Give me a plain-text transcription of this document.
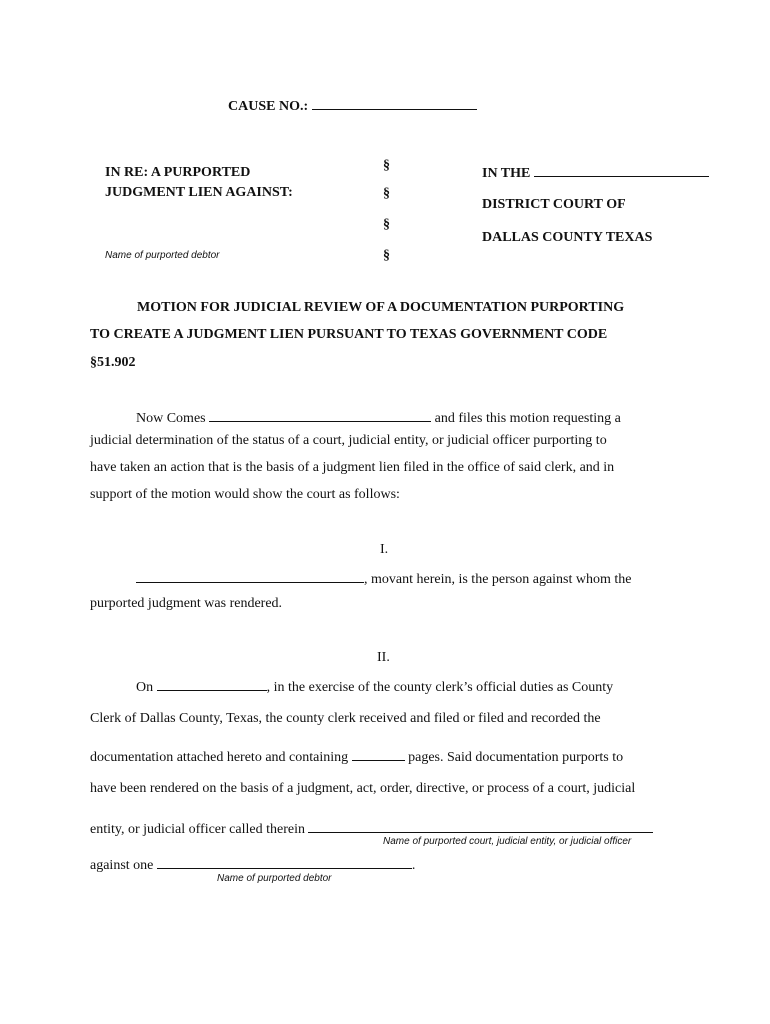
CAUSE NO.:
IN RE: A PURPORTED
JUDGMENT LIEN AGAINST:
Name of purported debtor
§
§
§
§
IN THE
DISTRICT COURT OF
DALLAS COUNTY TEXAS
MOTION FOR JUDICIAL REVIEW OF A DOCUMENTATION PURPORTING
TO CREATE A JUDGMENT LIEN PURSUANT TO TEXAS GOVERNMENT CODE
§51.902
Now Comes	and files this motion requesting a
judicial determination of the status of a court, judicial entity, or judicial officer purporting to
have taken an action that is the basis of a judgment lien filed in the office of said clerk, and in
support of the motion would show the court as follows:
I.
, movant herein, is the person against whom the
purported judgment was rendered.
II.
On	, in the exercise of the county clerk’s official duties as County
Clerk of Dallas County, Texas, the county clerk received and filed or filed and recorded the
documentation attached hereto and containing	pages. Said documentation purports to
have been rendered on the basis of a judgment, act, order, directive, or process of a court, judicial
entity, or judicial officer called therein
Name of purported court, judicial entity, or judicial officer
against one	.
Name of purported debtor
